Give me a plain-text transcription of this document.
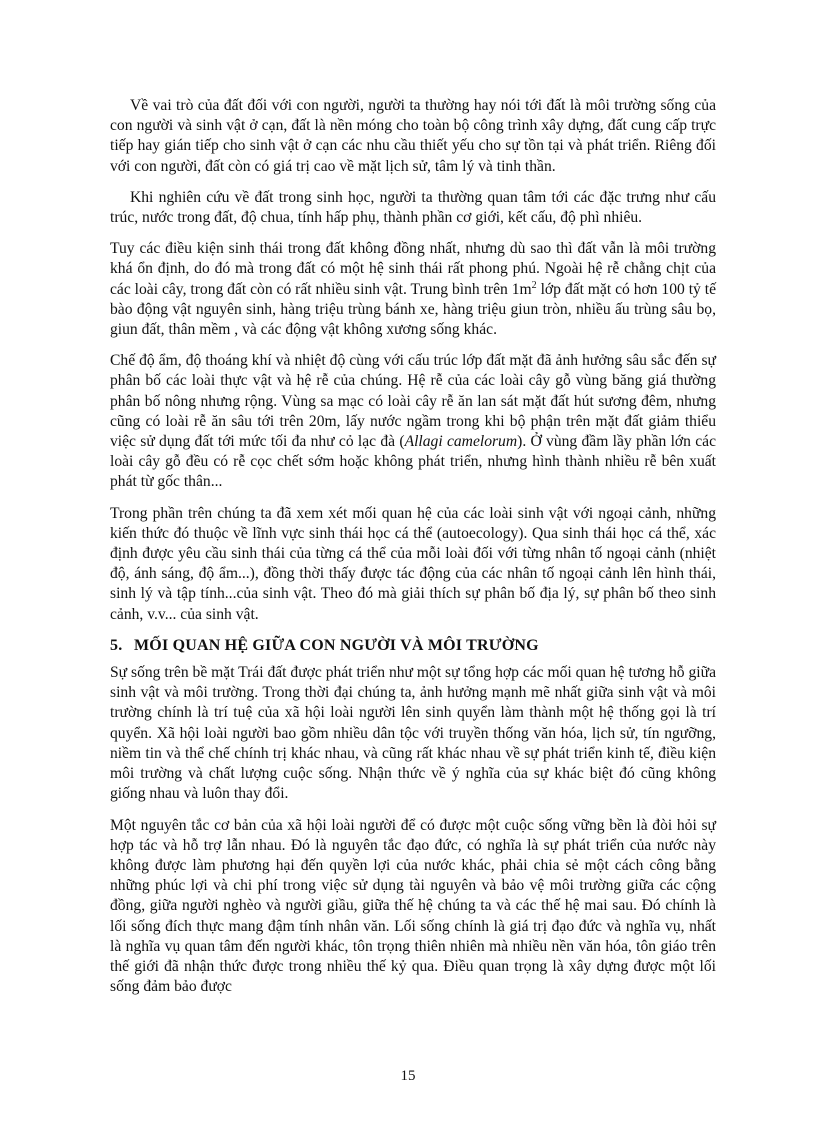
Về vai trò của đất đối với con người, người ta thường hay nói tới đất là môi trường sống của con người và sinh vật ở cạn, đất là nền móng cho toàn bộ công trình xây dựng, đất cung cấp trực tiếp hay gián tiếp cho sinh vật ở cạn các nhu cầu thiết yếu cho sự tồn tại và phát triển. Riêng đối với con người, đất còn có giá trị cao về mặt lịch sử, tâm lý và tinh thần.

Khi nghiên cứu về đất trong sinh học, người ta thường quan tâm tới các đặc trưng như cấu trúc, nước trong đất, độ chua, tính hấp phụ, thành phần cơ giới, kết cấu, độ phì nhiêu.

Tuy các điều kiện sinh thái trong đất không đồng nhất, nhưng dù sao thì đất vẫn là môi trường khá ổn định, do đó mà trong đất có một hệ sinh thái rất phong phú. Ngoài hệ rễ chằng chịt của các loài cây, trong đất còn có rất nhiều sinh vật. Trung bình trên $1m^2$ lớp đất mặt có hơn 100 tỷ tế bào động vật nguyên sinh, hàng triệu trùng bánh xe, hàng triệu giun tròn, nhiều ấu trùng sâu bọ, giun đất, thân mềm , và các động vật không xương sống khác.

Chế độ ẩm, độ thoáng khí và nhiệt độ cùng với cấu trúc lớp đất mặt đã ảnh hưởng sâu sắc đến sự phân bố các loài thực vật và hệ rễ của chúng. Hệ rễ của các loài cây gỗ vùng băng giá thường phân bố nông nhưng rộng. Vùng sa mạc có loài cây rễ ăn lan sát mặt đất hút sương đêm, nhưng cũng có loài rễ ăn sâu tới trên 20m, lấy nước ngầm trong khi bộ phận trên mặt đất giảm thiểu việc sử dụng đất tới mức tối đa như cỏ lạc đà (Allagi camelorum). Ở vùng đầm lầy phần lớn các loài cây gỗ đều có rễ cọc chết sớm hoặc không phát triển, nhưng hình thành nhiều rễ bên xuất phát từ gốc thân...

Trong phần trên chúng ta đã xem xét mối quan hệ của các loài sinh vật với ngoại cảnh, những kiến thức đó thuộc về lĩnh vực sinh thái học cá thể (autoecology). Qua sinh thái học cá thể, xác định được yêu cầu sinh thái của từng cá thể của mỗi loài đối với từng nhân tố ngoại cảnh (nhiệt độ, ánh sáng, độ ẩm...), đồng thời thấy được tác động của các nhân tố ngoại cảnh lên hình thái, sinh lý và tập tính...của sinh vật. Theo đó mà giải thích sự phân bố địa lý, sự phân bố theo sinh cảnh, v.v... của sinh vật.

5. MỐI QUAN HỆ GIỮA CON NGƯỜI VÀ MÔI TRƯỜNG

Sự sống trên bề mặt Trái đất được phát triển như một sự tổng hợp các mối quan hệ tương hỗ giữa sinh vật và môi trường. Trong thời đại chúng ta, ảnh hưởng mạnh mẽ nhất giữa sinh vật và môi trường chính là trí tuệ của xã hội loài người lên sinh quyển làm thành một hệ thống gọi là trí quyển. Xã hội loài người bao gồm nhiều dân tộc với truyền thống văn hóa, lịch sử, tín ngưỡng, niềm tin và thể chế chính trị khác nhau, và cũng rất khác nhau về sự phát triển kinh tế, điều kiện môi trường và chất lượng cuộc sống. Nhận thức về ý nghĩa của sự khác biệt đó cũng không giống nhau và luôn thay đổi.

Một nguyên tắc cơ bản của xã hội loài người để có được một cuộc sống vững bền là đòi hỏi sự hợp tác và hỗ trợ lẫn nhau. Đó là nguyên tắc đạo đức, có nghĩa là sự phát triển của nước này không được làm phương hại đến quyền lợi của nước khác, phải chia sẻ một cách công bằng những phúc lợi và chi phí trong việc sử dụng tài nguyên và bảo vệ môi trường giữa các cộng đồng, giữa người nghèo và người giầu, giữa thế hệ chúng ta và các thế hệ mai sau. Đó chính là lối sống đích thực mang đậm tính nhân văn. Lối sống chính là giá trị đạo đức và nghĩa vụ, nhất là nghĩa vụ quan tâm đến người khác, tôn trọng thiên nhiên mà nhiều nền văn hóa, tôn giáo trên thế giới đã nhận thức được trong nhiều thế kỷ qua. Điều quan trọng là xây dựng được một lối sống đảm bảo được

15
